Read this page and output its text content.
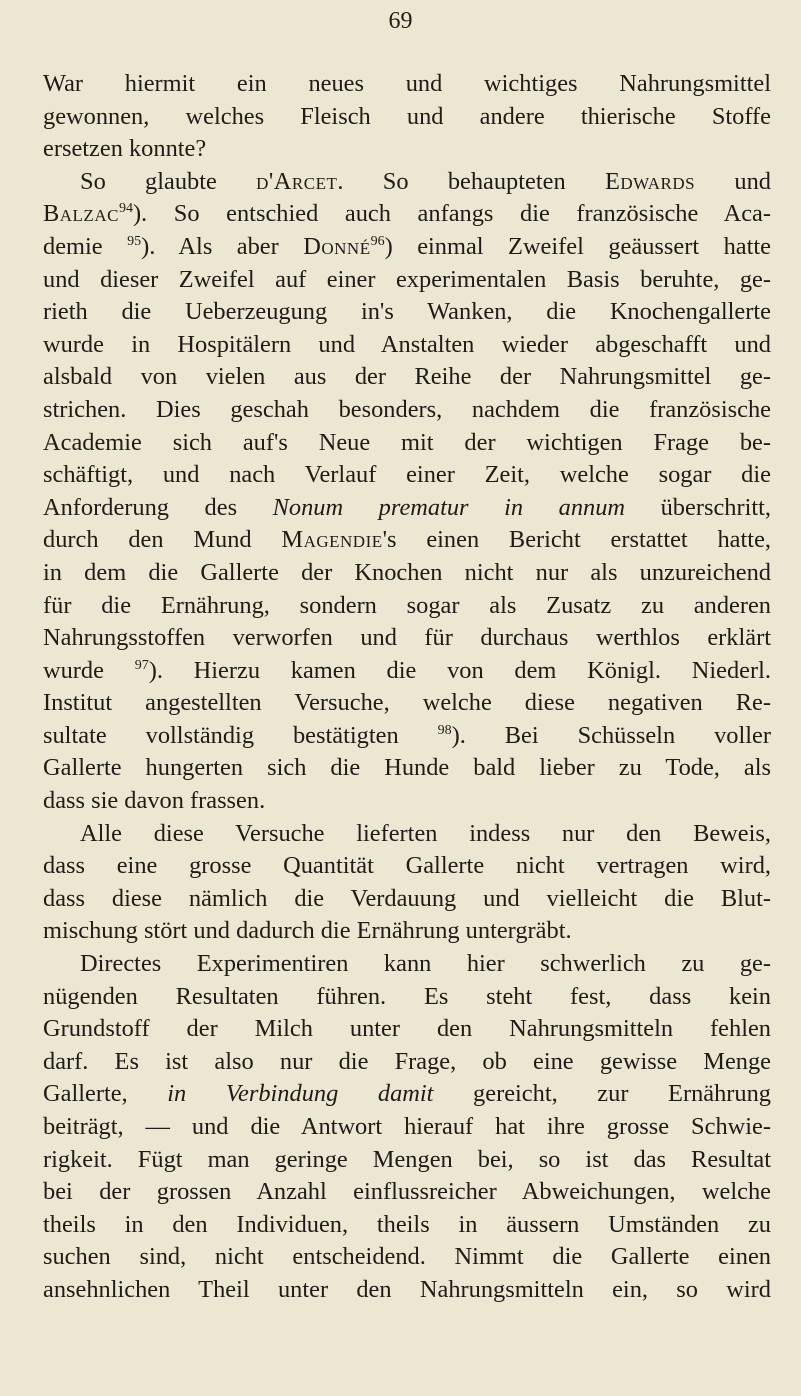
69
War hiermit ein neues und wichtiges Nahrungsmittel
gewonnen, welches Fleisch und andere thierische Stoffe
ersetzen konnte?
So glaubte d'Arcet. So behaupteten Edwards und
Balzac$^{94}$). So entschied auch anfangs die französische Aca-
demie $^{95}$). Als aber Donné$^{96}$) einmal Zweifel geäussert hatte
und dieser Zweifel auf einer experimentalen Basis beruhte, ge-
rieth die Ueberzeugung in's Wanken, die Knochengallerte
wurde in Hospitälern und Anstalten wieder abgeschafft und
alsbald von vielen aus der Reihe der Nahrungsmittel ge-
strichen. Dies geschah besonders, nachdem die französische
Academie sich auf's Neue mit der wichtigen Frage be-
schäftigt, und nach Verlauf einer Zeit, welche sogar die
Anforderung des Nonum prematur in annum überschritt,
durch den Mund Magendie's einen Bericht erstattet hatte,
in dem die Gallerte der Knochen nicht nur als unzureichend
für die Ernährung, sondern sogar als Zusatz zu anderen
Nahrungsstoffen verworfen und für durchaus werthlos erklärt
wurde $^{97}$). Hierzu kamen die von dem Königl. Niederl.
Institut angestellten Versuche, welche diese negativen Re-
sultate vollständig bestätigten $^{98}$). Bei Schüsseln voller
Gallerte hungerten sich die Hunde bald lieber zu Tode, als
dass sie davon frassen.
Alle diese Versuche lieferten indess nur den Beweis,
dass eine grosse Quantität Gallerte nicht vertragen wird,
dass diese nämlich die Verdauung und vielleicht die Blut-
mischung stört und dadurch die Ernährung untergräbt.
Directes Experimentiren kann hier schwerlich zu ge-
nügenden Resultaten führen. Es steht fest, dass kein
Grundstoff der Milch unter den Nahrungsmitteln fehlen
darf. Es ist also nur die Frage, ob eine gewisse Menge
Gallerte, in Verbindung damit gereicht, zur Ernährung
beiträgt, — und die Antwort hierauf hat ihre grosse Schwie-
rigkeit. Fügt man geringe Mengen bei, so ist das Resultat
bei der grossen Anzahl einflussreicher Abweichungen, welche
theils in den Individuen, theils in äussern Umständen zu
suchen sind, nicht entscheidend. Nimmt die Gallerte einen
ansehnlichen Theil unter den Nahrungsmitteln ein, so wird
